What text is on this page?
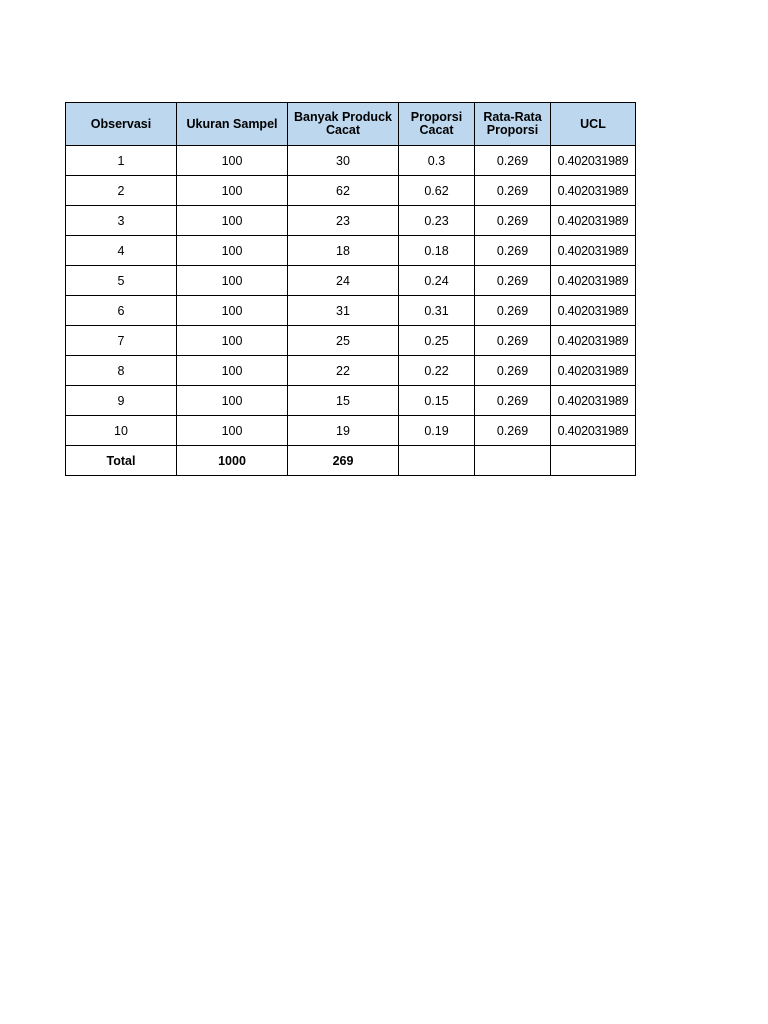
Observasi	Ukuran Sampel	Banyak Produck Cacat	Proporsi Cacat	Rata-Rata Proporsi	UCL
1	100	30	0.3	0.269	0.402031989
2	100	62	0.62	0.269	0.402031989
3	100	23	0.23	0.269	0.402031989
4	100	18	0.18	0.269	0.402031989
5	100	24	0.24	0.269	0.402031989
6	100	31	0.31	0.269	0.402031989
7	100	25	0.25	0.269	0.402031989
8	100	22	0.22	0.269	0.402031989
9	100	15	0.15	0.269	0.402031989
10	100	19	0.19	0.269	0.402031989
Total	1000	269			
